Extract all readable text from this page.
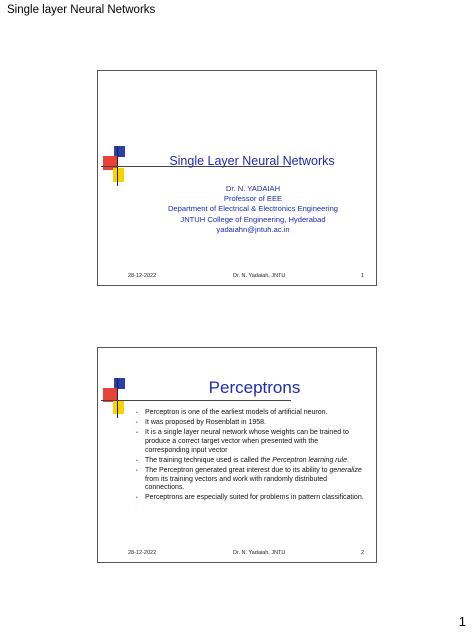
Single layer Neural Networks
Single Layer Neural Networks
Dr. N. YADAIAH
Professor of EEE
Department of Electrical & Electronics Engineering
JNTUH College of Engineering, Hyderabad
yadaiahn@jntuh.ac.in
28-12-2022	Dr. N. Yadaiah, JNTU	1
Perceptrons
• Perceptron is one of the earliest models of artificial neuron.
• It was proposed by Rosenblatt in 1958.
• It is a single layer neural network whose weights can be trained to produce a correct target vector when presented with the corresponding input vector
• The training technique used is called the Perceptron learning rule.
• The Perceptron generated great interest due to its ability to generalize from its training vectors and work with randomly distributed connections.
• Perceptrons are especially suited for problems in pattern classification.
28-12-2022	Dr. N. Yadaiah, JNTU	2
1
